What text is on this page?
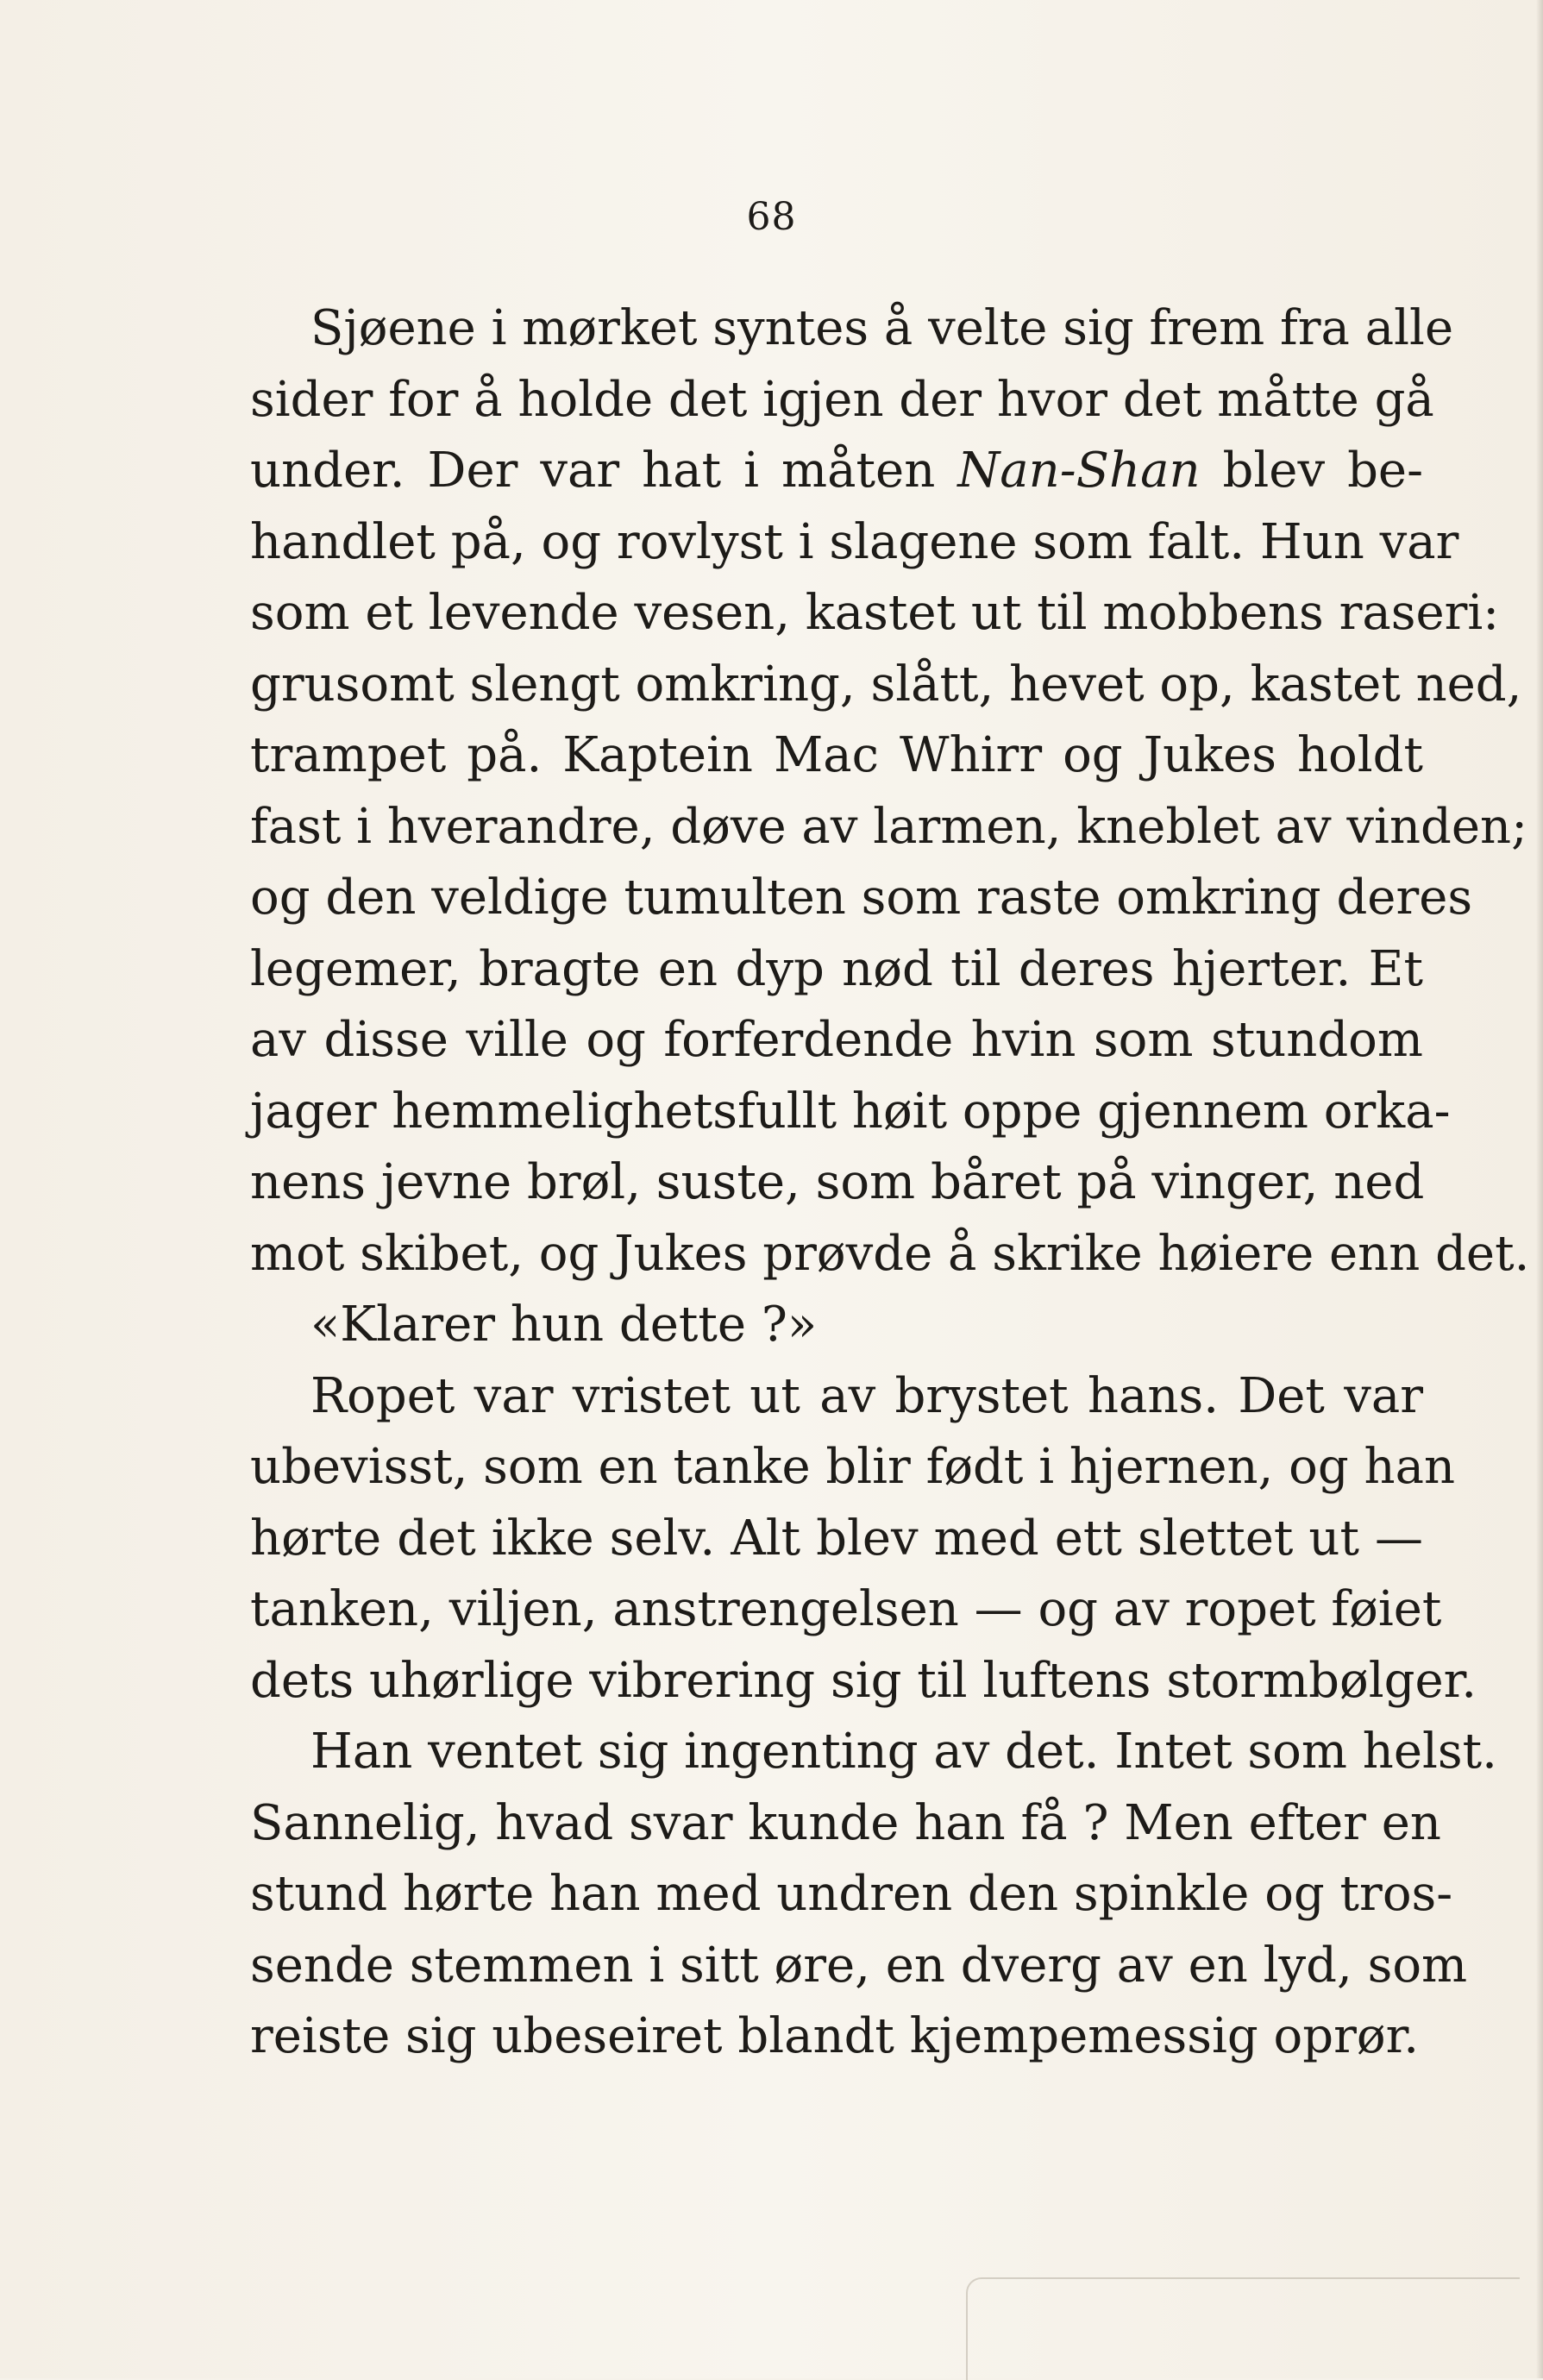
68
Sjøene i mørket syntes å velte sig frem fra alle
sider for å holde det igjen der hvor det måtte gå
under. Der var hat i måten Nan-Shan blev be-
handlet på, og rovlyst i slagene som falt. Hun var
som et levende vesen, kastet ut til mobbens raseri:
grusomt slengt omkring, slått, hevet op, kastet ned,
trampet på. Kaptein Mac Whirr og Jukes holdt
fast i hverandre, døve av larmen, kneblet av vinden;
og den veldige tumulten som raste omkring deres
legemer, bragte en dyp nød til deres hjerter. Et
av disse ville og forferdende hvin som stundom
jager hemmelighetsfullt høit oppe gjennem orka-
nens jevne brøl, suste, som båret på vinger, ned
mot skibet, og Jukes prøvde å skrike høiere enn det.
«Klarer hun dette ?»
Ropet var vristet ut av brystet hans. Det var
ubevisst, som en tanke blir født i hjernen, og han
hørte det ikke selv. Alt blev med ett slettet ut —
tanken, viljen, anstrengelsen — og av ropet føiet
dets uhørlige vibrering sig til luftens stormbølger.
Han ventet sig ingenting av det. Intet som helst.
Sannelig, hvad svar kunde han få ? Men efter en
stund hørte han med undren den spinkle og tros-
sende stemmen i sitt øre, en dverg av en lyd, som
reiste sig ubeseiret blandt kjempemessig oprør.
